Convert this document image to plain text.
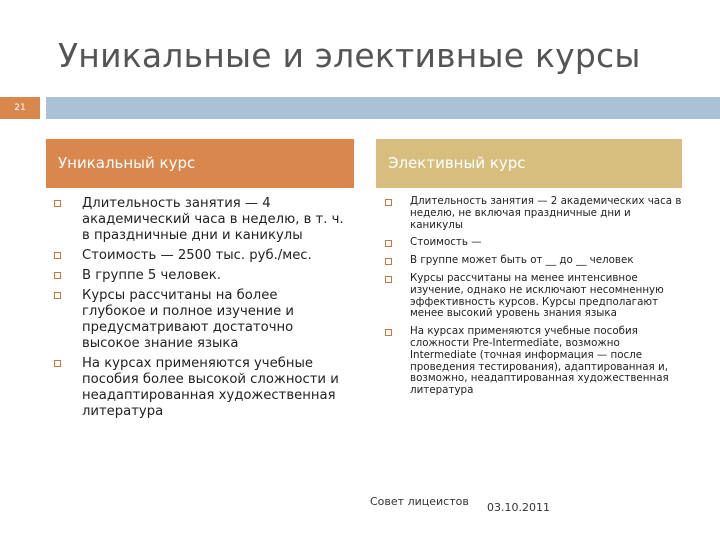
Уникальные и элективные курсы
21
Уникальный курс	Элективный курс
Длительность занятия — 4 академический часа в неделю, в т. ч. в праздничные дни и каникулы
Стоимость — 2500 тыс. руб./мес.
В группе 5 человек.
Курсы рассчитаны на более глубокое и полное изучение и предусматривают достаточно высокое знание языка
На курсах применяются учебные пособия более высокой сложности и неадаптированная художественная литература
Длительность занятия — 2 академических часа в неделю, не включая праздничные дни и каникулы
Стоимость —
В группе может быть от __ до __ человек
Курсы рассчитаны на менее интенсивное изучение, однако не исключают несомненную эффективность курсов. Курсы предполагают менее высокий уровень знания языка
На курсах применяются учебные пособия сложности Pre-Intermediate, возможно Intermediate (точная информация — после проведения тестирования), адаптированная и, возможно, неадаптированная художественная литература
Совет лицеистов 03.10.2011
